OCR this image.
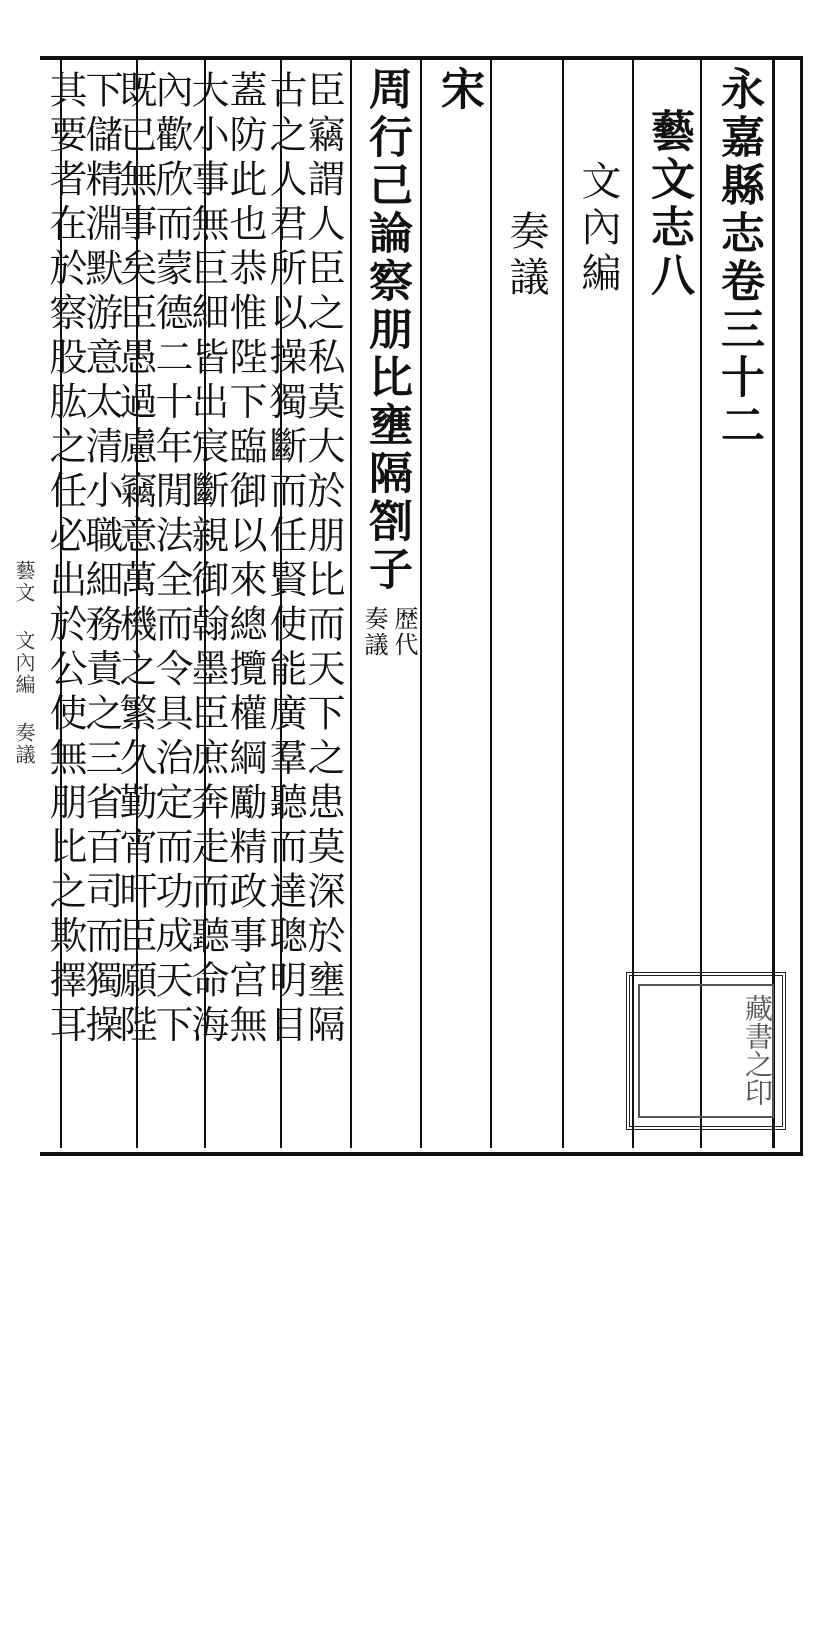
永嘉縣志卷三十二
藝文志八
文內編
奏議
宋
周行己論察朋比壅隔劄子
歴代
奏議
臣竊謂人臣之私莫大於朋比而天下之患莫深於壅隔
古之人君所以操獨斷而任賢使能廣羣聽而達聰明目
蓋防此也恭惟陛下臨御以來總攬權綱勵精政事宫無
大小事無巨細皆出宸斷親御翰墨臣庶奔走而聽命海
內歡欣而蒙德二十年閒法全而令具治定而功成天下
既已無事矣臣愚過慮竊意萬機之繁久勤宵旰臣願陛
下儲精淵默游意太清小職細務責之三省百司而獨操
其要者在於察股肱之任必出於公使無朋比之欺擇耳
藝文 文內編 奏議
藏書之印
